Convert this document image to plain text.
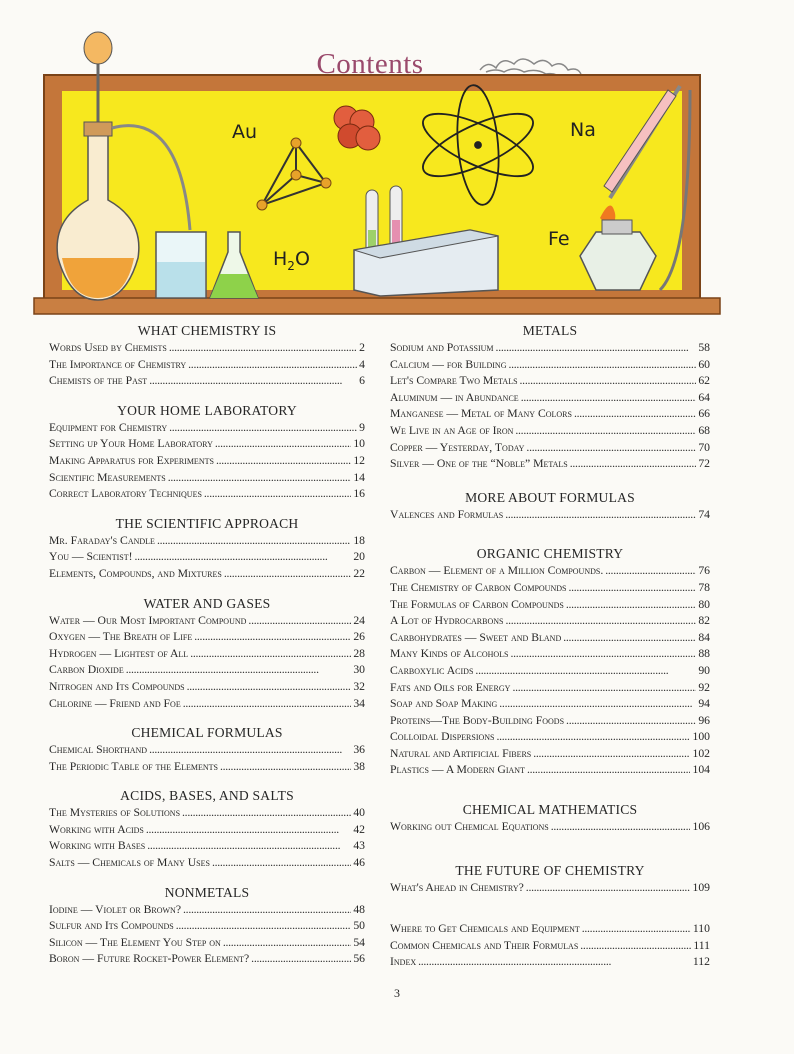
Au	Na
$H_2O$
Fe
Contents
WHAT CHEMISTRY IS
Words Used by Chemists . . .	2
The Importance of Chemistry . . .	4
Chemists of the Past . . .	6
YOUR HOME LABORATORY
Equipment for Chemistry . . .	9
Setting up Your Home Laboratory . . .	10
Making Apparatus for Experiments . . .	12
Scientific Measurements . . .	14
Correct Laboratory Techniques . . .	16
THE SCIENTIFIC APPROACH
Mr. Faraday's Candle . . .	18
You — Scientist! . . .	20
Elements, Compounds, and Mixtures . . .	22
WATER AND GASES
Water — Our Most Important Compound . . .	24
Oxygen — The Breath of Life . . .	26
Hydrogen — Lightest of All . . .	28
Carbon Dioxide . . .	30
Nitrogen and Its Compounds . . .	32
Chlorine — Friend and Foe . . .	34
CHEMICAL FORMULAS
Chemical Shorthand . . .	36
The Periodic Table of the Elements . . .	38
ACIDS, BASES, AND SALTS
The Mysteries of Solutions . . .	40
Working with Acids . . .	42
Working with Bases . . .	43
Salts — Chemicals of Many Uses . . .	46
NONMETALS
Iodine — Violet or Brown? . . .	48
Sulfur and Its Compounds . . .	50
Silicon — The Element You Step on . . .	54
Boron — Future Rocket-Power Element? . . .	56
METALS
Sodium and Potassium . . .	58
Calcium — for Building . . .	60
Let's Compare Two Metals . . .	62
Aluminum — in Abundance . . .	64
Manganese — Metal of Many Colors . . .	66
We Live in an Age of Iron . . .	68
Copper — Yesterday, Today . . .	70
Silver — One of the “Noble” Metals . . .	72
MORE ABOUT FORMULAS
Valences and Formulas . . .	74
ORGANIC CHEMISTRY
Carbon — Element of a Million Compounds. . . .	76
The Chemistry of Carbon Compounds . . .	78
The Formulas of Carbon Compounds . . .	80
A Lot of Hydrocarbons . . .	82
Carbohydrates — Sweet and Bland . . .	84
Many Kinds of Alcohols . . .	88
Carboxylic Acids . . .	90
Fats and Oils for Energy . . .	92
Soap and Soap Making . . .	94
Proteins—The Body-Building Foods . . .	96
Colloidal Dispersions . . .	100
Natural and Artificial Fibers . . .	102
Plastics — A Modern Giant . . .	104
CHEMICAL MATHEMATICS
Working out Chemical Equations . . .	106
THE FUTURE OF CHEMISTRY
What's Ahead in Chemistry? . . .	109
Where to Get Chemicals and Equipment . . .	110
Common Chemicals and Their Formulas . . .	111
Index . . .	112
3
